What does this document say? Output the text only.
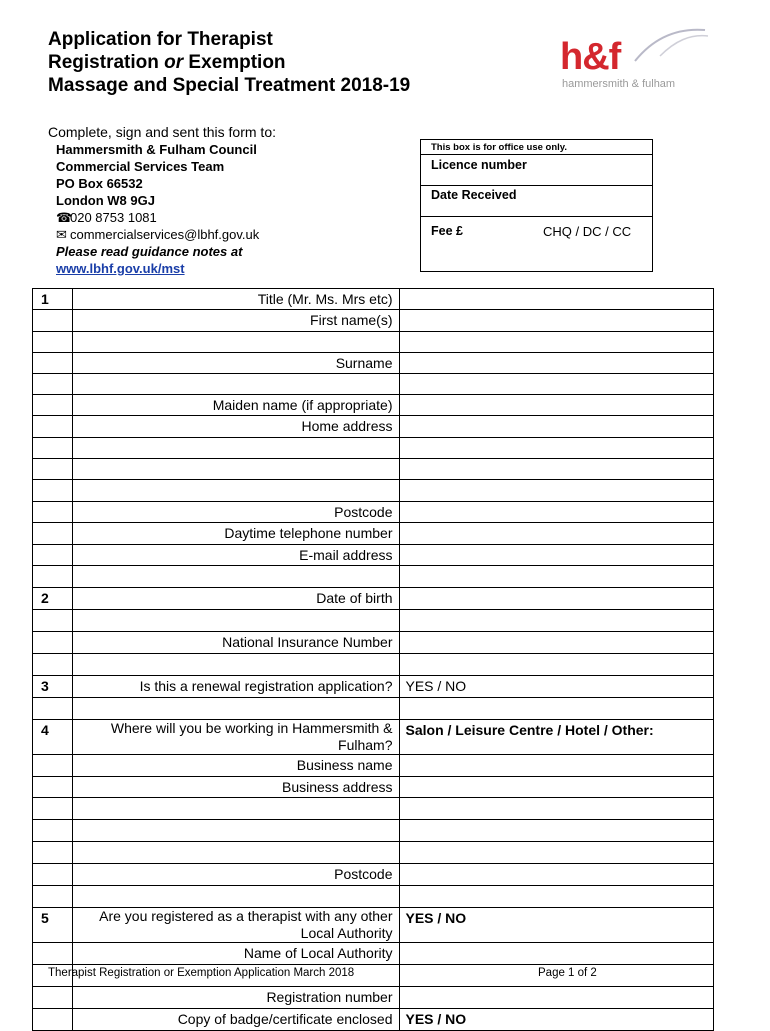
Application for Therapist
Registration or Exemption
Massage and Special Treatment 2018-19
h&f
hammersmith & fulham
Complete, sign and sent this form to:
Hammersmith & Fulham Council
Commercial Services Team
PO Box 66532
London W8 9GJ
☎020 8753 1081
✉ commercialservices@lbhf.gov.uk
Please read guidance notes at
www.lbhf.gov.uk/mst
This box is for office use only.
Licence number
Date Received
Fee £	CHQ / DC / CC
1	Title (Mr. Ms. Mrs etc)	
	First name(s)	

	Surname	

	Maiden name (if appropriate)	
	Home address	

	Postcode	
	Daytime telephone number	
	E-mail address	

2	Date of birth	

	National Insurance Number	

3	Is this a renewal registration application?	YES / NO

4	Where will you be working in Hammersmith & Fulham?	Salon / Leisure Centre / Hotel / Other:
	Business name	
	Business address	

	Postcode	

5	Are you registered as a therapist with any other Local Authority	YES / NO
	Name of Local Authority	

	Registration number	
	Copy of badge/certificate enclosed	YES / NO
Therapist Registration or Exemption Application March 2018	Page 1 of 2
